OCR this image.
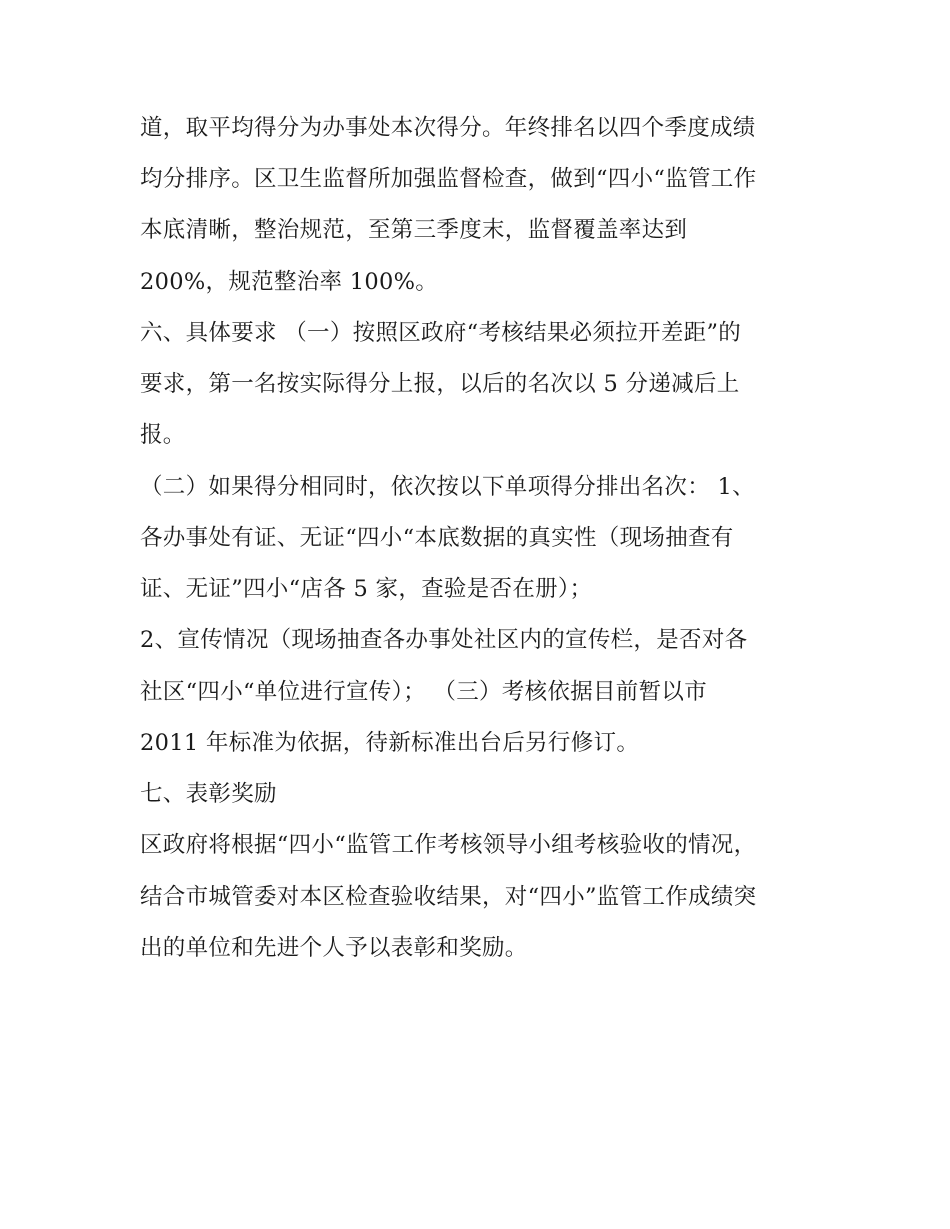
道，取平均得分为办事处本次得分。年终排名以四个季度成绩
均分排序。区卫生监督所加强监督检查，做到“四小“监管工作
本底清晰，整治规范，至第三季度末，监督覆盖率达到
200%，规范整治率 100%。
六、具体要求 （一）按照区政府“考核结果必须拉开差距”的
要求，第一名按实际得分上报，以后的名次以 5 分递减后上
报。
（二）如果得分相同时，依次按以下单项得分排出名次： 1、
各办事处有证、无证“四小“本底数据的真实性（现场抽查有
证、无证”四小“店各 5 家，查验是否在册）；
2、宣传情况（现场抽查各办事处社区内的宣传栏，是否对各
社区“四小“单位进行宣传）； （三）考核依据目前暂以市
2011 年标准为依据，待新标准出台后另行修订。
七、表彰奖励
区政府将根据“四小“监管工作考核领导小组考核验收的情况，
结合市城管委对本区检查验收结果，对“四小”监管工作成绩突
出的单位和先进个人予以表彰和奖励。
